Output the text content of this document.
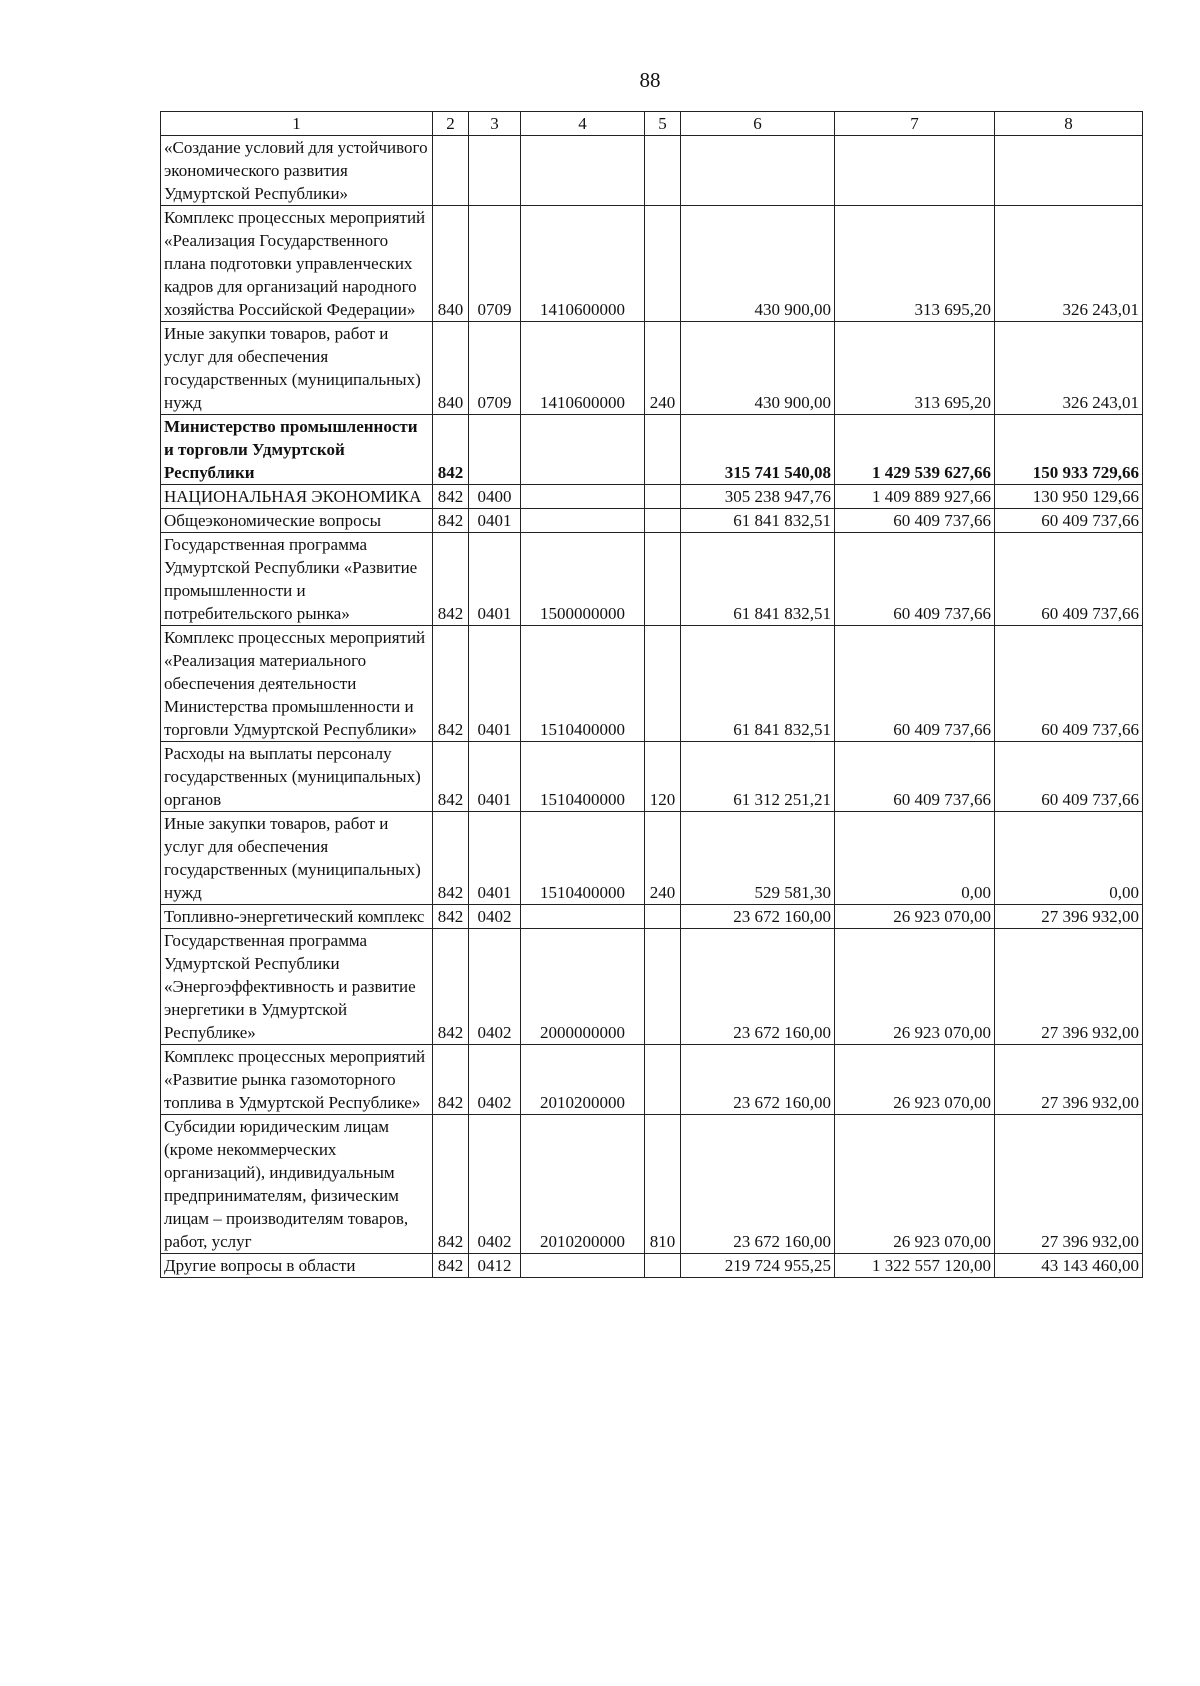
88
1	2	3	4	5	6	7	8
«Создание условий для устойчивого экономического развития Удмуртской Республики»							
Комплекс процессных мероприятий «Реализация Государственного плана подготовки управленческих кадров для организаций народного хозяйства Российской Федерации»	840	0709	1410600000		430 900,00	313 695,20	326 243,01
Иные закупки товаров, работ и услуг для обеспечения государственных (муниципальных) нужд	840	0709	1410600000	240	430 900,00	313 695,20	326 243,01
Министерство промышленности и торговли Удмуртской Республики	842				315 741 540,08	1 429 539 627,66	150 933 729,66
НАЦИОНАЛЬНАЯ ЭКОНОМИКА	842	0400			305 238 947,76	1 409 889 927,66	130 950 129,66
Общеэкономические вопросы	842	0401			61 841 832,51	60 409 737,66	60 409 737,66
Государственная программа Удмуртской Республики «Развитие промышленности и потребительского рынка»	842	0401	1500000000		61 841 832,51	60 409 737,66	60 409 737,66
Комплекс процессных мероприятий «Реализация материального обеспечения деятельности Министерства промышленности и торговли Удмуртской Республики»	842	0401	1510400000		61 841 832,51	60 409 737,66	60 409 737,66
Расходы на выплаты персоналу государственных (муниципальных) органов	842	0401	1510400000	120	61 312 251,21	60 409 737,66	60 409 737,66
Иные закупки товаров, работ и услуг для обеспечения государственных (муниципальных) нужд	842	0401	1510400000	240	529 581,30	0,00	0,00
Топливно-энергетический комплекс	842	0402			23 672 160,00	26 923 070,00	27 396 932,00
Государственная программа Удмуртской Республики «Энергоэффективность и развитие энергетики в Удмуртской Республике»	842	0402	2000000000		23 672 160,00	26 923 070,00	27 396 932,00
Комплекс процессных мероприятий «Развитие рынка газомоторного топлива в Удмуртской Республике»	842	0402	2010200000		23 672 160,00	26 923 070,00	27 396 932,00
Субсидии юридическим лицам (кроме некоммерческих организаций), индивидуальным предпринимателям, физическим лицам – производителям товаров, работ, услуг	842	0402	2010200000	810	23 672 160,00	26 923 070,00	27 396 932,00
Другие вопросы в области	842	0412			219 724 955,25	1 322 557 120,00	43 143 460,00
